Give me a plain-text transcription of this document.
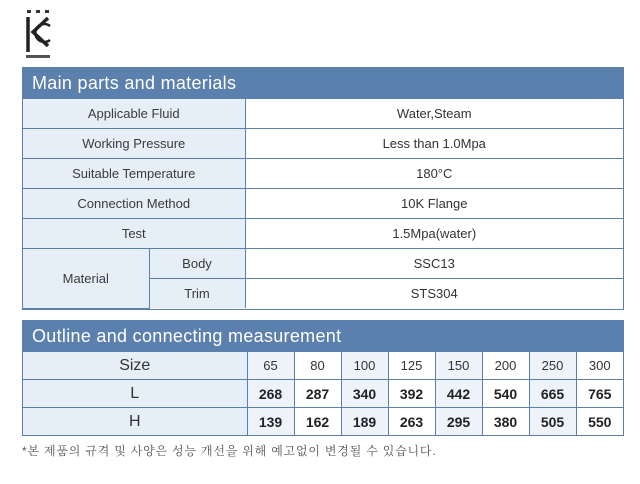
Main parts and materials
Applicable Fluid		Water,Steam
Working Pressure		Less than 1.0Mpa
Suitable Temperature		180°C
Connection Method		10K Flange
Test		1.5Mpa(water)
Material	Body	SSC13
	Trim	STS304
Outline and connecting measurement
Size	65	80	100	125	150	200	250	300
L	268	287	340	392	442	540	665	765
H	139	162	189	263	295	380	505	550
*본 제품의 규격 및 사양은 성능 개선을 위해 예고없이 변경될 수 있습니다.
